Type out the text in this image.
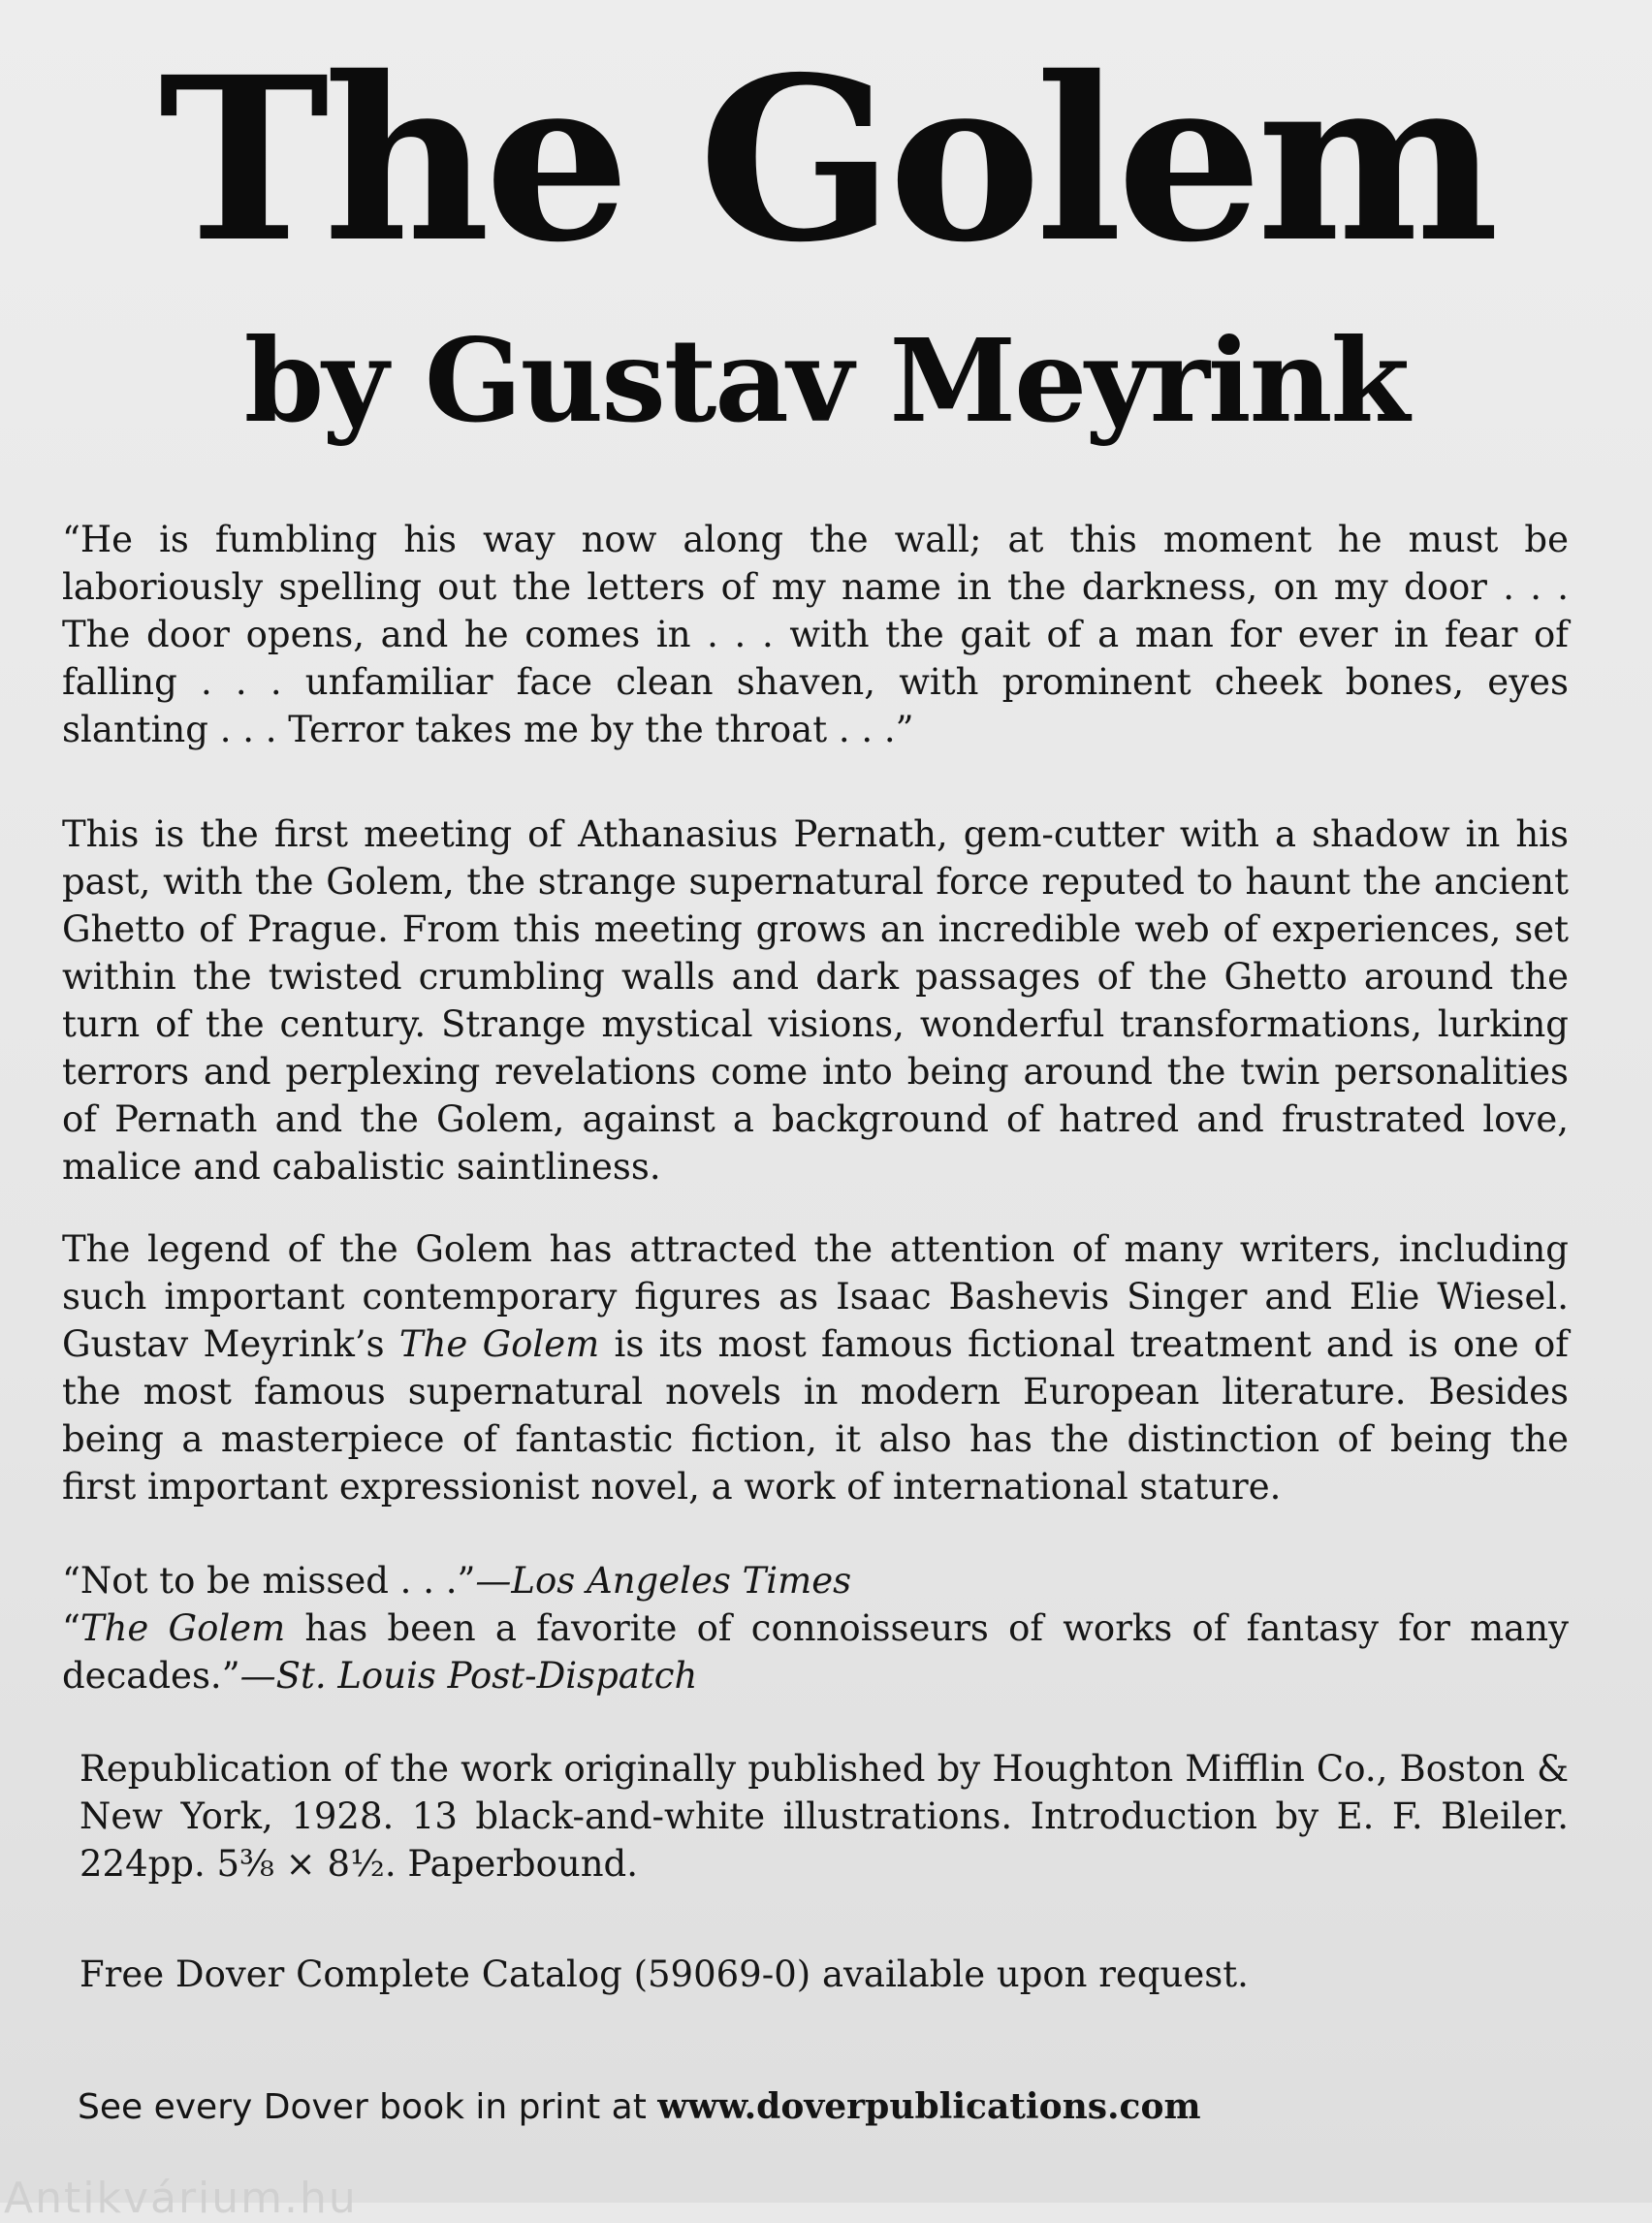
The Golem
by Gustav Meyrink
“He is fumbling his way now along the wall; at this moment he must be laboriously spelling out the letters of my name in the darkness, on my door . . . The door opens, and he comes in . . . with the gait of a man for ever in fear of falling . . . unfamiliar face clean shaven, with prominent cheek bones, eyes slanting . . . Terror takes me by the throat . . .”
This is the first meeting of Athanasius Pernath, gem-cutter with a shadow in his past, with the Golem, the strange supernatural force reputed to haunt the ancient Ghetto of Prague. From this meeting grows an incredible web of experiences, set within the twisted crumbling walls and dark passages of the Ghetto around the turn of the century. Strange mystical visions, wonderful transformations, lurking terrors and perplexing revelations come into being around the twin personalities of Pernath and the Golem, against a background of hatred and frustrated love, malice and cabalistic saintliness.
The legend of the Golem has attracted the attention of many writers, including such important contemporary figures as Isaac Bashevis Singer and Elie Wiesel. Gustav Meyrink’s The Golem is its most famous fictional treatment and is one of the most famous supernatural novels in modern European literature. Besides being a masterpiece of fantastic fiction, it also has the distinction of being the first important expressionist novel, a work of international stature.
“Not to be missed . . .”—Los Angeles Times
“The Golem has been a favorite of connoisseurs of works of fantasy for many decades.”—St. Louis Post-Dispatch
Republication of the work originally published by Houghton Mifflin Co., Boston & New York, 1928. 13 black-and-white illustrations. Introduction by E. F. Bleiler. 224pp. 5⅜ × 8½. Paperbound.
Free Dover Complete Catalog (59069-0) available upon request.
See every Dover book in print at www.doverpublications.com
Antikvárium.hu
